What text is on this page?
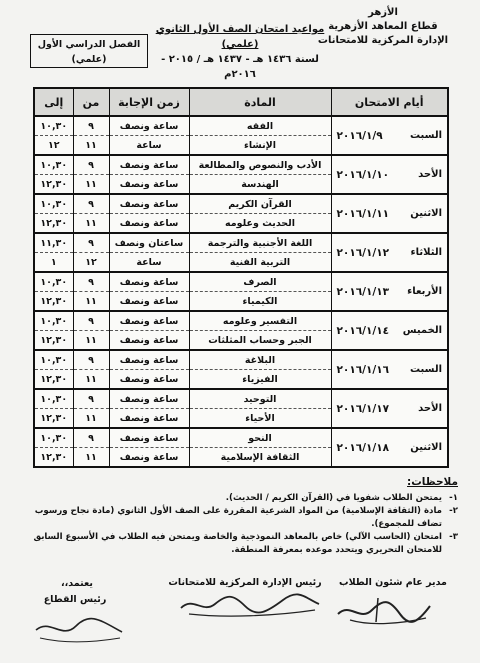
الأزهر
قطاع المعاهد الأزهرية
الإدارة المركزية للامتحانات
مواعيد امتحان الصف الأول الثانوي (علمي)
لسنة ١٤٣٦ هـ - ١٤٣٧ هـ / ٢٠١٥ - ٢٠١٦م
الفصل الدراسي الأول
(علمي)
أيام الامتحان	المادة	زمن الإجابة	من	إلى

السبت
٢٠١٦/١/٩	الفقه	ساعة ونصف	٩	١٠,٣٠
	الإنشاء	ساعة	١١	١٢

الأحد
٢٠١٦/١/١٠	الأدب والنصوص والمطالعة	ساعة ونصف	٩	١٠,٣٠
	الهندسة	ساعة ونصف	١١	١٢,٣٠

الاثنين
٢٠١٦/١/١١	القرآن الكريم	ساعة ونصف	٩	١٠,٣٠
	الحديث وعلومه	ساعة ونصف	١١	١٢,٣٠

الثلاثاء
٢٠١٦/١/١٢	اللغة الأجنبية والترجمة	ساعتان ونصف	٩	١١,٣٠
	التربية الفنية	ساعة	١٢	١

الأربعاء
٢٠١٦/١/١٣	الصرف	ساعة ونصف	٩	١٠,٣٠
	الكيمياء	ساعة ونصف	١١	١٢,٣٠

الخميس
٢٠١٦/١/١٤	التفسير وعلومه	ساعة ونصف	٩	١٠,٣٠
	الجبر وحساب المثلثات	ساعة ونصف	١١	١٢,٣٠

السبت
٢٠١٦/١/١٦	البلاغة	ساعة ونصف	٩	١٠,٣٠
	الفيزياء	ساعة ونصف	١١	١٢,٣٠

الأحد
٢٠١٦/١/١٧	التوحيد	ساعة ونصف	٩	١٠,٣٠
	الأحياء	ساعة ونصف	١١	١٢,٣٠

الاثنين
٢٠١٦/١/١٨	النحو	ساعة ونصف	٩	١٠,٣٠
	الثقافة الإسلامية	ساعة ونصف	١١	١٢,٣٠
ملاحظات:
١-
يمتحن الطلاب شفويا في (القرآن الكريم / الحديث).
٢-
مادة (الثقافة الإسلامية) من المواد الشرعية المقررة على الصف الأول الثانوي (مادة نجاح ورسوب تضاف للمجموع).
٣-
امتحان (الحاسب الآلي) خاص بالمعاهد النموذجية والخاصة ويمتحن فيه الطلاب في الأسبوع السابق للامتحان التحريري ويتحدد موعده بمعرفة المنطقة.
مدير عام شئون الطلاب
رئيس الإدارة المركزية للامتحانات
يعتمد،،
رئيس القطاع
